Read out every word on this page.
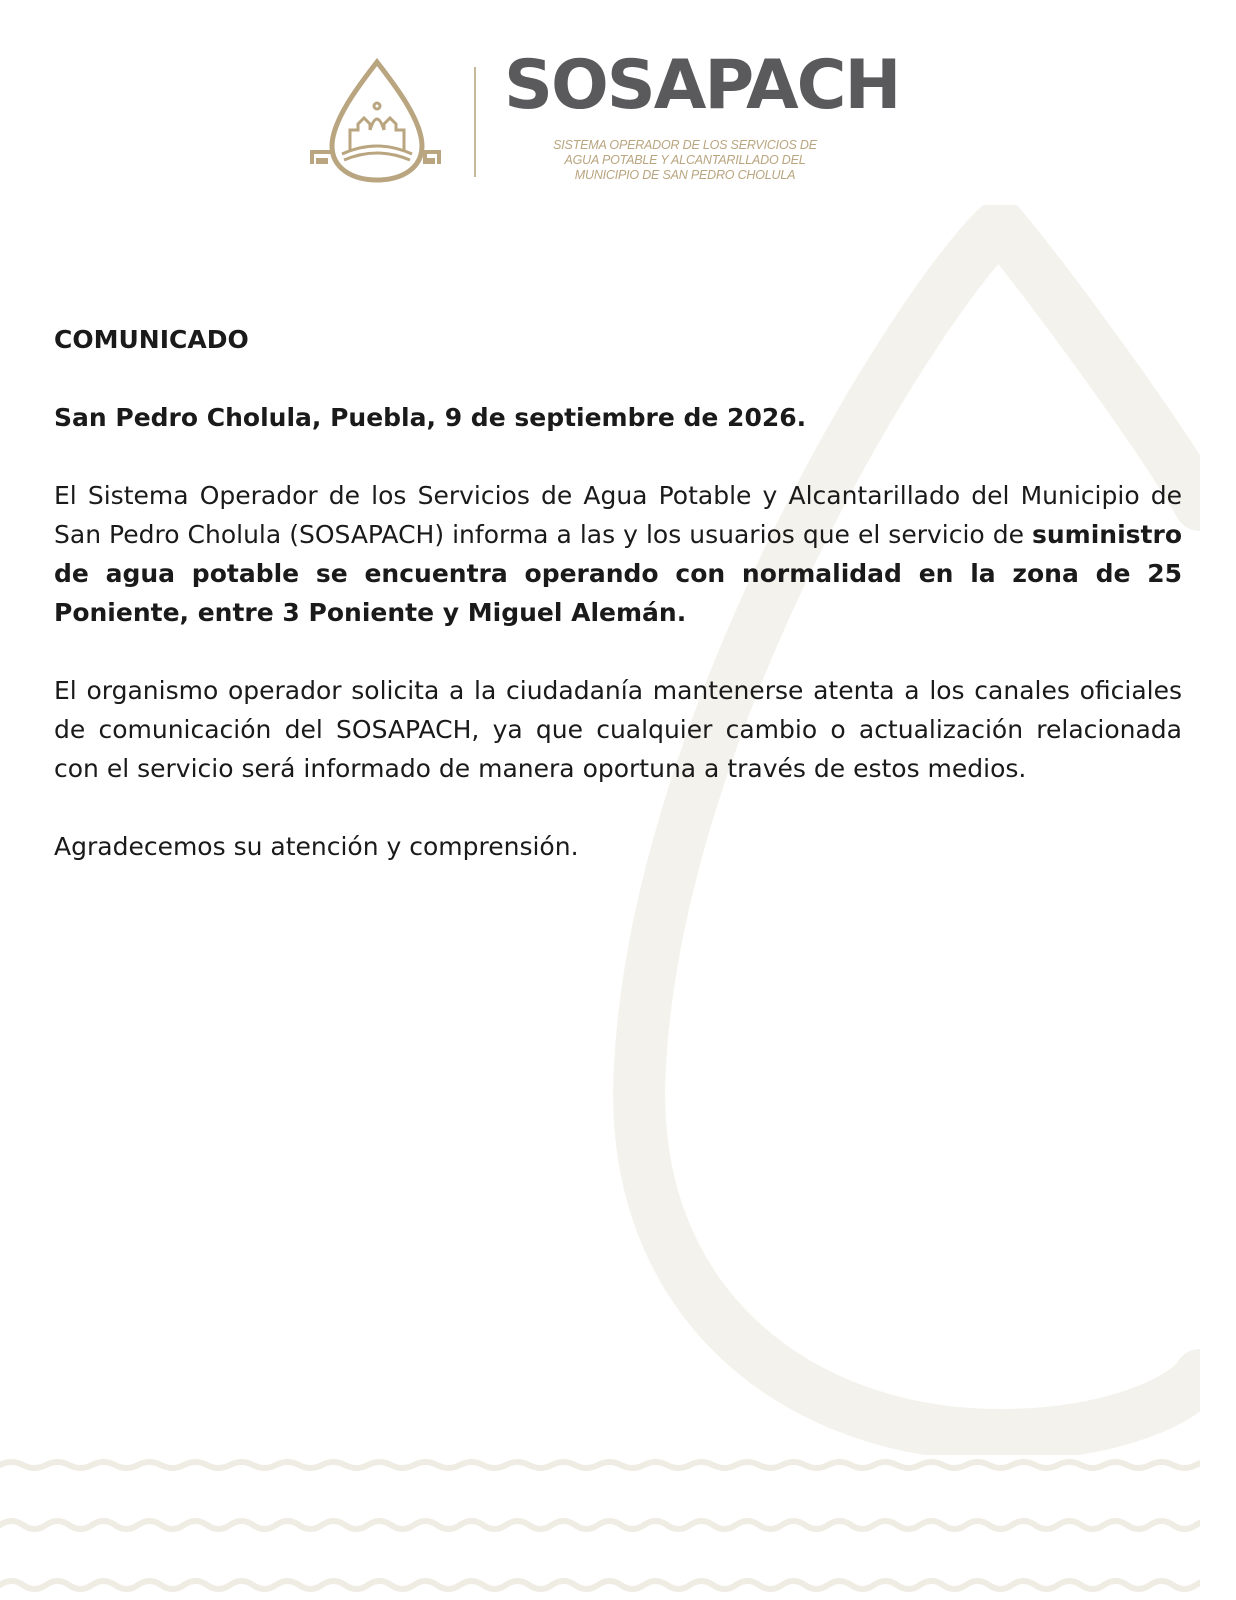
SOSAPACH
SISTEMA OPERADOR DE LOS SERVICIOS DE
AGUA POTABLE Y ALCANTARILLADO DEL
MUNICIPIO DE SAN PEDRO CHOLULA

COMUNICADO

San Pedro Cholula, Puebla, 9 de septiembre de 2026.

El Sistema Operador de los Servicios de Agua Potable y Alcantarillado del Municipio de San Pedro Cholula (SOSAPACH) informa a las y los usuarios que el servicio de suministro de agua potable se encuentra operando con normalidad en la zona de 25 Poniente, entre 3 Poniente y Miguel Alemán.

El organismo operador solicita a la ciudadanía mantenerse atenta a los canales oficiales de comunicación del SOSAPACH, ya que cualquier cambio o actualización relacionada con el servicio será informado de manera oportuna a través de estos medios.

Agradecemos su atención y comprensión.
